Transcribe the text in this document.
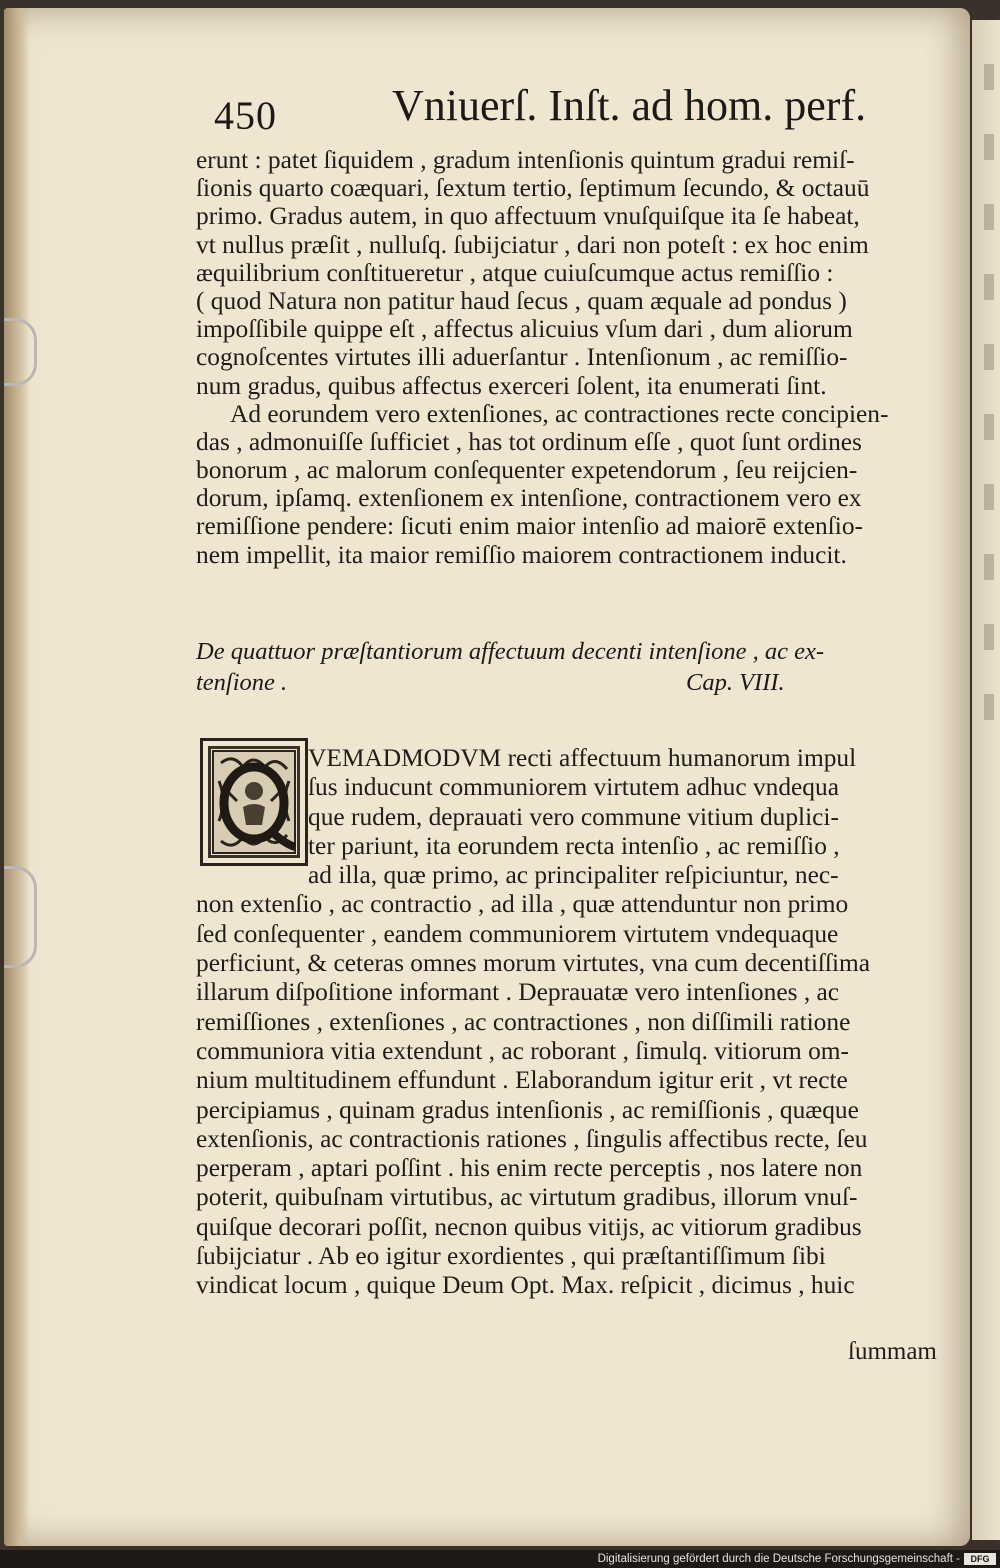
450	Vniuerſ. Inſt. ad hom. perf.
erunt : patet ſiquidem , gradum intenſionis quintum gradui remiſ-
ſionis quarto coæquari, ſextum tertio, ſeptimum ſecundo, & octauū
primo. Gradus autem, in quo affectuum vnuſquiſque ita ſe habeat,
vt nullus præſit , nulluſq. ſubijciatur , dari non poteſt : ex hoc enim
æquilibrium conſtitueretur , atque cuiuſcumque actus remiſſio :
( quod Natura non patitur haud ſecus , quam æquale ad pondus )
impoſſibile quippe eſt , affectus alicuius vſum dari , dum aliorum
cognoſcentes virtutes illi aduerſantur . Intenſionum , ac remiſſio-
num gradus, quibus affectus exerceri ſolent, ita enumerati ſint.
Ad eorundem vero extenſiones, ac contractiones recte concipien-
das , admonuiſſe ſufficiet , has tot ordinum eſſe , quot ſunt ordines
bonorum , ac malorum conſequenter expetendorum , ſeu reijcien-
dorum, ipſamq. extenſionem ex intenſione, contractionem vero ex
remiſſione pendere: ſicuti enim maior intenſio ad maiorē extenſio-
nem impellit, ita maior remiſſio maiorem contractionem inducit.
De quattuor præſtantiorum affectuum decenti intenſione , ac ex-
tenſione .	Cap. VIII.
VEMADMODVM recti affectuum humanorum impul
ſus inducunt communiorem virtutem adhuc vndequa
que rudem, deprauati vero commune vitium duplici-
ter pariunt, ita eorundem recta intenſio , ac remiſſio ,
ad illa, quæ primo, ac principaliter reſpiciuntur, nec-
non extenſio , ac contractio , ad illa , quæ attenduntur non primo
ſed conſequenter , eandem communiorem virtutem vndequaque
perficiunt, & ceteras omnes morum virtutes, vna cum decentiſſima
illarum diſpoſitione informant . Deprauatæ vero intenſiones , ac
remiſſiones , extenſiones , ac contractiones , non diſſimili ratione
communiora vitia extendunt , ac roborant , ſimulq. vitiorum om-
nium multitudinem effundunt . Elaborandum igitur erit , vt recte
percipiamus , quinam gradus intenſionis , ac remiſſionis , quæque
extenſionis, ac contractionis rationes , ſingulis affectibus recte, ſeu
perperam , aptari poſſint . his enim recte perceptis , nos latere non
poterit, quibuſnam virtutibus, ac virtutum gradibus, illorum vnuſ-
quiſque decorari poſſit, necnon quibus vitijs, ac vitiorum gradibus
ſubijciatur . Ab eo igitur exordientes , qui præſtantiſſimum ſibi
vindicat locum , quique Deum Opt. Max. reſpicit , dicimus , huic
ſummam
Digitalisierung gefördert durch die Deutsche Forschungsgemeinschaft -	DFG
